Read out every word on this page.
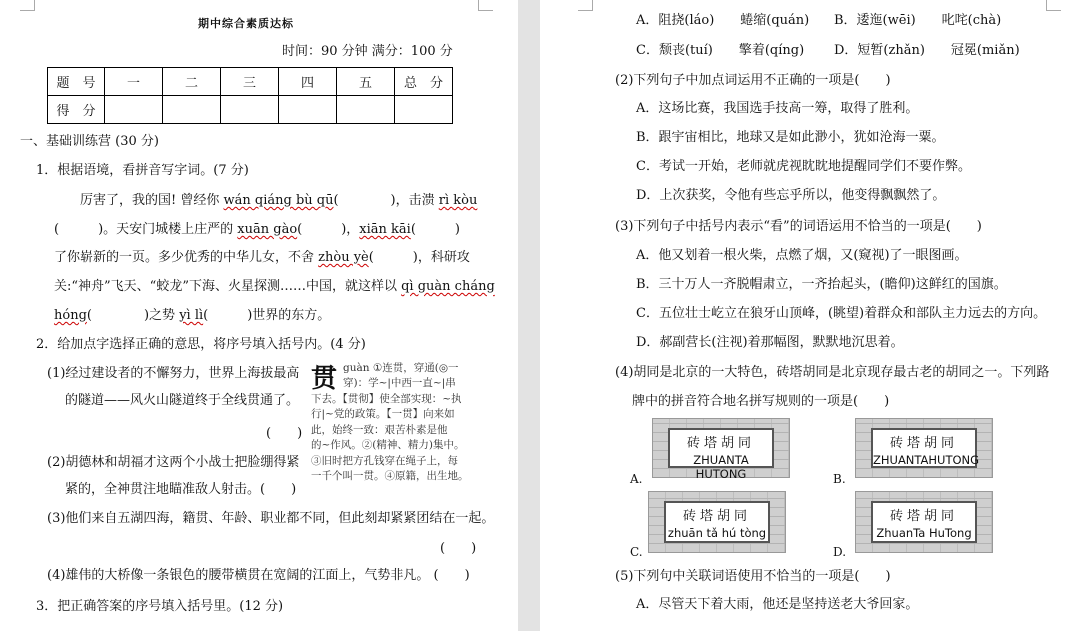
期中综合素质达标
时间：90 分钟 满分：100 分
题　号	一	二	三	四	五	总　分
得　分						
一、基础训练营 (30 分)
1．根据语境，看拼音写字词。(7 分)
厉害了，我的国! 曾经你 wán qiáng bù qū(　　　　)，击溃 rì kòu
(　　　)。天安门城楼上庄严的 xuān gào(　　　)，xiān kāi(　　　)
了你崭新的一页。多少优秀的中华儿女，不舍 zhòu yè(　　　)，科研攻
关:“神舟”飞天、“蛟龙”下海、火星探测……中国，就这样以 qì guàn cháng
hóng(　　　　)之势 yì lì(　　　)世界的东方。
2．给加点字选择正确的意思，将序号填入括号内。(4 分)
(1)经过建设者的不懈努力，世界上海拔最高
的隧道——风火山隧道终于全线贯通了。
(　　)
(2)胡德林和胡福才这两个小战士把脸绷得紧
紧的，全神贯注地瞄准敌人射击。(　　)
贯 guàn ①连贯，穿通(◎一
穿)：学~|中西一直~|串
下去。【贯彻】使全部实现：~执
行|~党的政策。【一贯】向来如
此，始终一致：艰苦朴素是他
的~作风。②(精神、精力)集中。
③旧时把方孔钱穿在绳子上，每
一千个叫一贯。④原籍，出生地。
(3)他们来自五湖四海，籍贯、年龄、职业都不同，但此刻却紧紧团结在一起。
(　　)
(4)雄伟的大桥像一条银色的腰带横贯在宽阔的江面上，气势非凡。 (　　)
3．把正确答案的序号填入括号里。(12 分)
A．阻挠(láo)　　蜷缩(quán) B．逶迤(wēi)　　叱咤(chà)
C．颓丧(tuí)　　擎着(qíng) D．短暂(zhǎn)　　冠冕(miǎn)
(2)下列句子中加点词运用不正确的一项是(　　)
A．这场比赛，我国选手技高一筹，取得了胜利。
B．跟宇宙相比，地球又是如此渺小，犹如沧海一粟。
C．考试一开始，老师就虎视眈眈地提醒同学们不要作弊。
D．上次获奖，令他有些忘乎所以，他变得飘飘然了。
(3)下列句子中括号内表示“看”的词语运用不恰当的一项是(　　)
A．他又划着一根火柴，点燃了烟，又(窥视)了一眼图画。
B．三十万人一齐脱帽肃立，一齐抬起头，(瞻仰)这鲜红的国旗。
C．五位壮士屹立在狼牙山顶峰，(眺望)着群众和部队主力远去的方向。
D．郝副营长(注视)着那幅图，默默地沉思着。
(4)胡同是北京的一大特色，砖塔胡同是北京现存最古老的胡同之一。下列路
牌中的拼音符合地名拼写规则的一项是(　　)
砖塔胡同
ZHUANTA HUTONG
A.
砖塔胡同
ZHUANTAHUTONG
B.
砖塔胡同
zhuān tǎ hú tòng
C.
砖塔胡同
ZhuanTa HuTong
D.
(5)下列句中关联词语使用不恰当的一项是(　　)
A．尽管天下着大雨，他还是坚持送老大爷回家。
